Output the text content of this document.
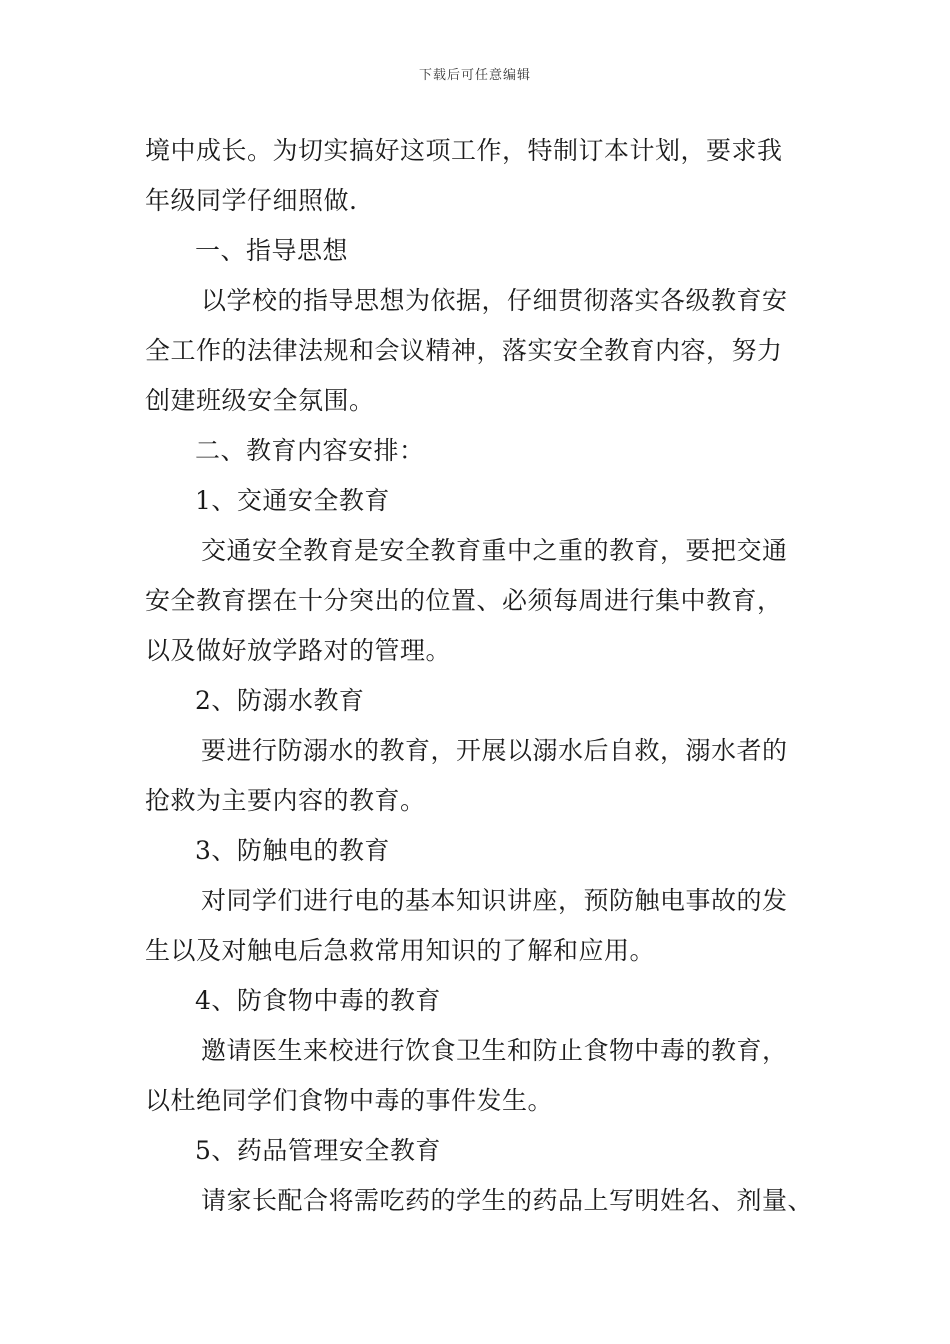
下载后可任意编辑
境中成长。为切实搞好这项工作，特制订本计划，要求我
年级同学仔细照做.
一、指导思想
以学校的指导思想为依据，仔细贯彻落实各级教育安
全工作的法律法规和会议精神，落实安全教育内容，努力
创建班级安全氛围。
二、教育内容安排：
1、交通安全教育
交通安全教育是安全教育重中之重的教育，要把交通
安全教育摆在十分突出的位置、必须每周进行集中教育，
以及做好放学路对的管理。
2、防溺水教育
要进行防溺水的教育，开展以溺水后自救，溺水者的
抢救为主要内容的教育。
3、防触电的教育
对同学们进行电的基本知识讲座，预防触电事故的发
生以及对触电后急救常用知识的了解和应用。
4、防食物中毒的教育
邀请医生来校进行饮食卫生和防止食物中毒的教育，
以杜绝同学们食物中毒的事件发生。
5、药品管理安全教育
请家长配合将需吃药的学生的药品上写明姓名、剂量、
